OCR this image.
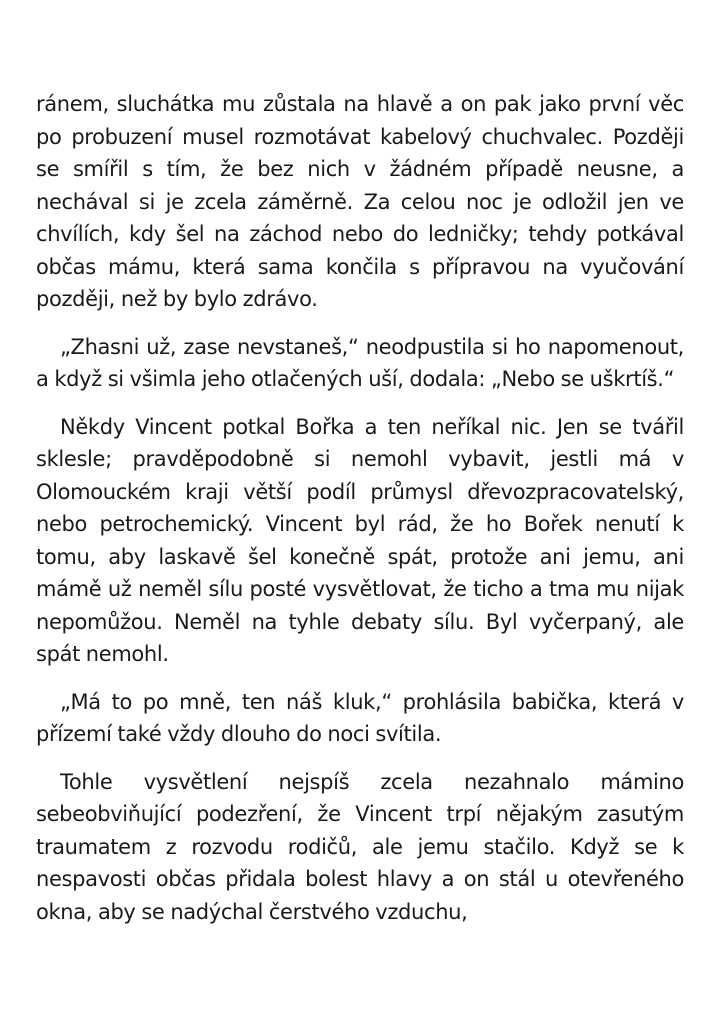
ránem, sluchátka mu zůstala na hlavě a on pak jako první věc po probuzení musel rozmotávat kabelový chuchvalec. Později se smířil s tím, že bez nich v žádném případě neusne, a nechával si je zcela záměrně. Za celou noc je odložil jen ve chvílích, kdy šel na záchod nebo do ledničky; tehdy potkával občas mámu, která sama končila s přípravou na vyučování později, než by bylo zdrávo.

„Zhasni už, zase nevstaneš,“ neodpustila si ho napomenout, a když si všimla jeho otlačených uší, dodala: „Nebo se uškrtíš.“

Někdy Vincent potkal Bořka a ten neříkal nic. Jen se tvářil sklesle; pravděpodobně si nemohl vybavit, jestli má v Olomouckém kraji větší podíl průmysl dřevozpracovatelský, nebo petrochemický. Vincent byl rád, že ho Bořek nenutí k tomu, aby laskavě šel konečně spát, protože ani jemu, ani mámě už neměl sílu posté vysvětlovat, že ticho a tma mu nijak nepomůžou. Neměl na tyhle debaty sílu. Byl vyčerpaný, ale spát nemohl.

„Má to po mně, ten náš kluk,“ prohlásila babička, která v přízemí také vždy dlouho do noci svítila.

Tohle vysvětlení nejspíš zcela nezahnalo mámino sebeobviňující podezření, že Vincent trpí nějakým zasutým traumatem z rozvodu rodičů, ale jemu stačilo. Když se k nespavosti občas přidala bolest hlavy a on stál u otevřeného okna, aby se nadýchal čerstvého vzduchu,
